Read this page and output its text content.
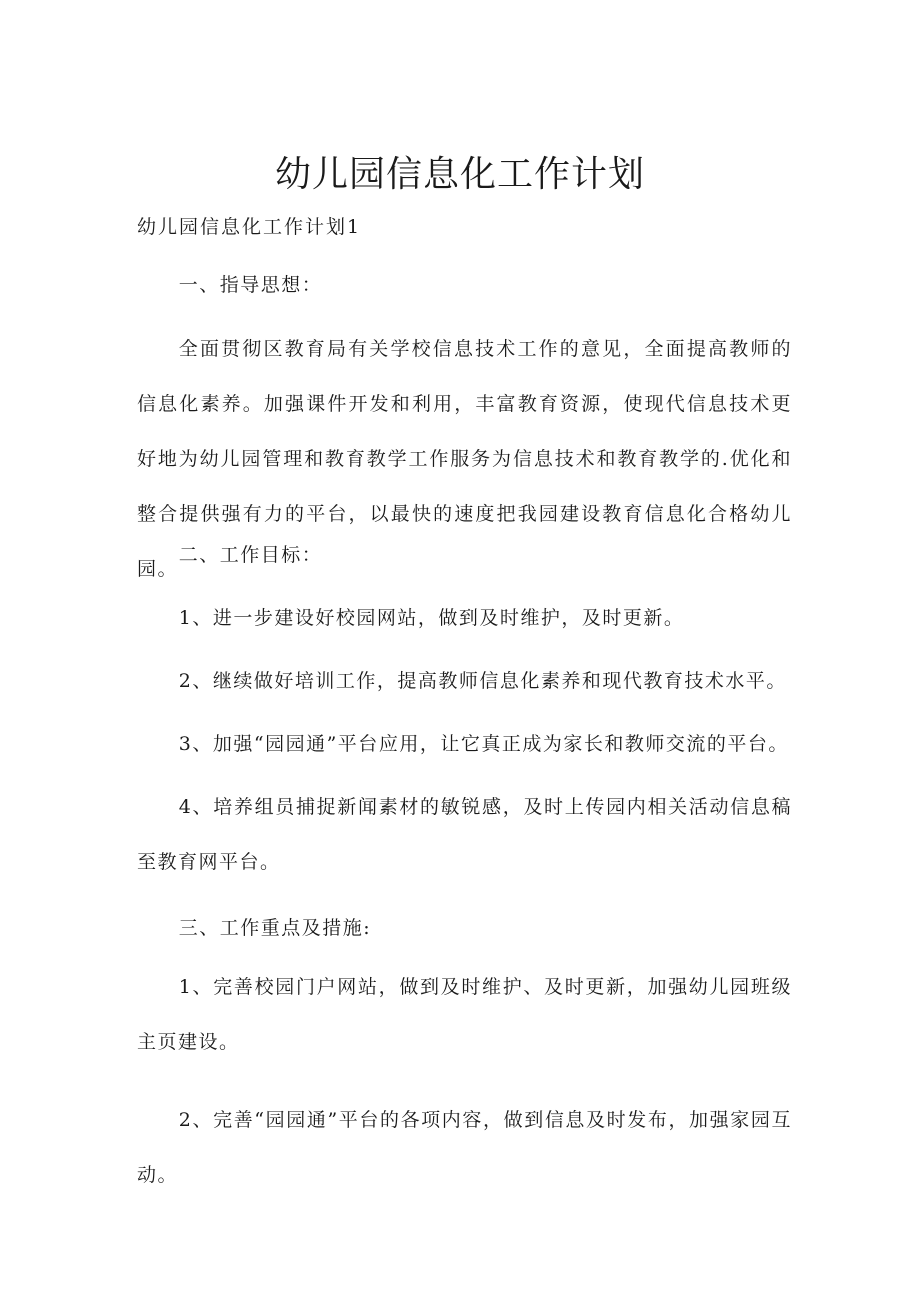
幼儿园信息化工作计划

幼儿园信息化工作计划1

一、指导思想：

全面贯彻区教育局有关学校信息技术工作的意见，全面提高教师的信息化素养。加强课件开发和利用，丰富教育资源，使现代信息技术更好地为幼儿园管理和教育教学工作服务为信息技术和教育教学的.优化和整合提供强有力的平台，以最快的速度把我园建设教育信息化合格幼儿园。

二、工作目标：

1、进一步建设好校园网站，做到及时维护，及时更新。

2、继续做好培训工作，提高教师信息化素养和现代教育技术水平。

3、加强“园园通”平台应用，让它真正成为家长和教师交流的平台。

4、培养组员捕捉新闻素材的敏锐感，及时上传园内相关活动信息稿至教育网平台。

三、工作重点及措施:

1、完善校园门户网站，做到及时维护、及时更新，加强幼儿园班级主页建设。

2、完善“园园通”平台的各项内容，做到信息及时发布，加强家园互动。
